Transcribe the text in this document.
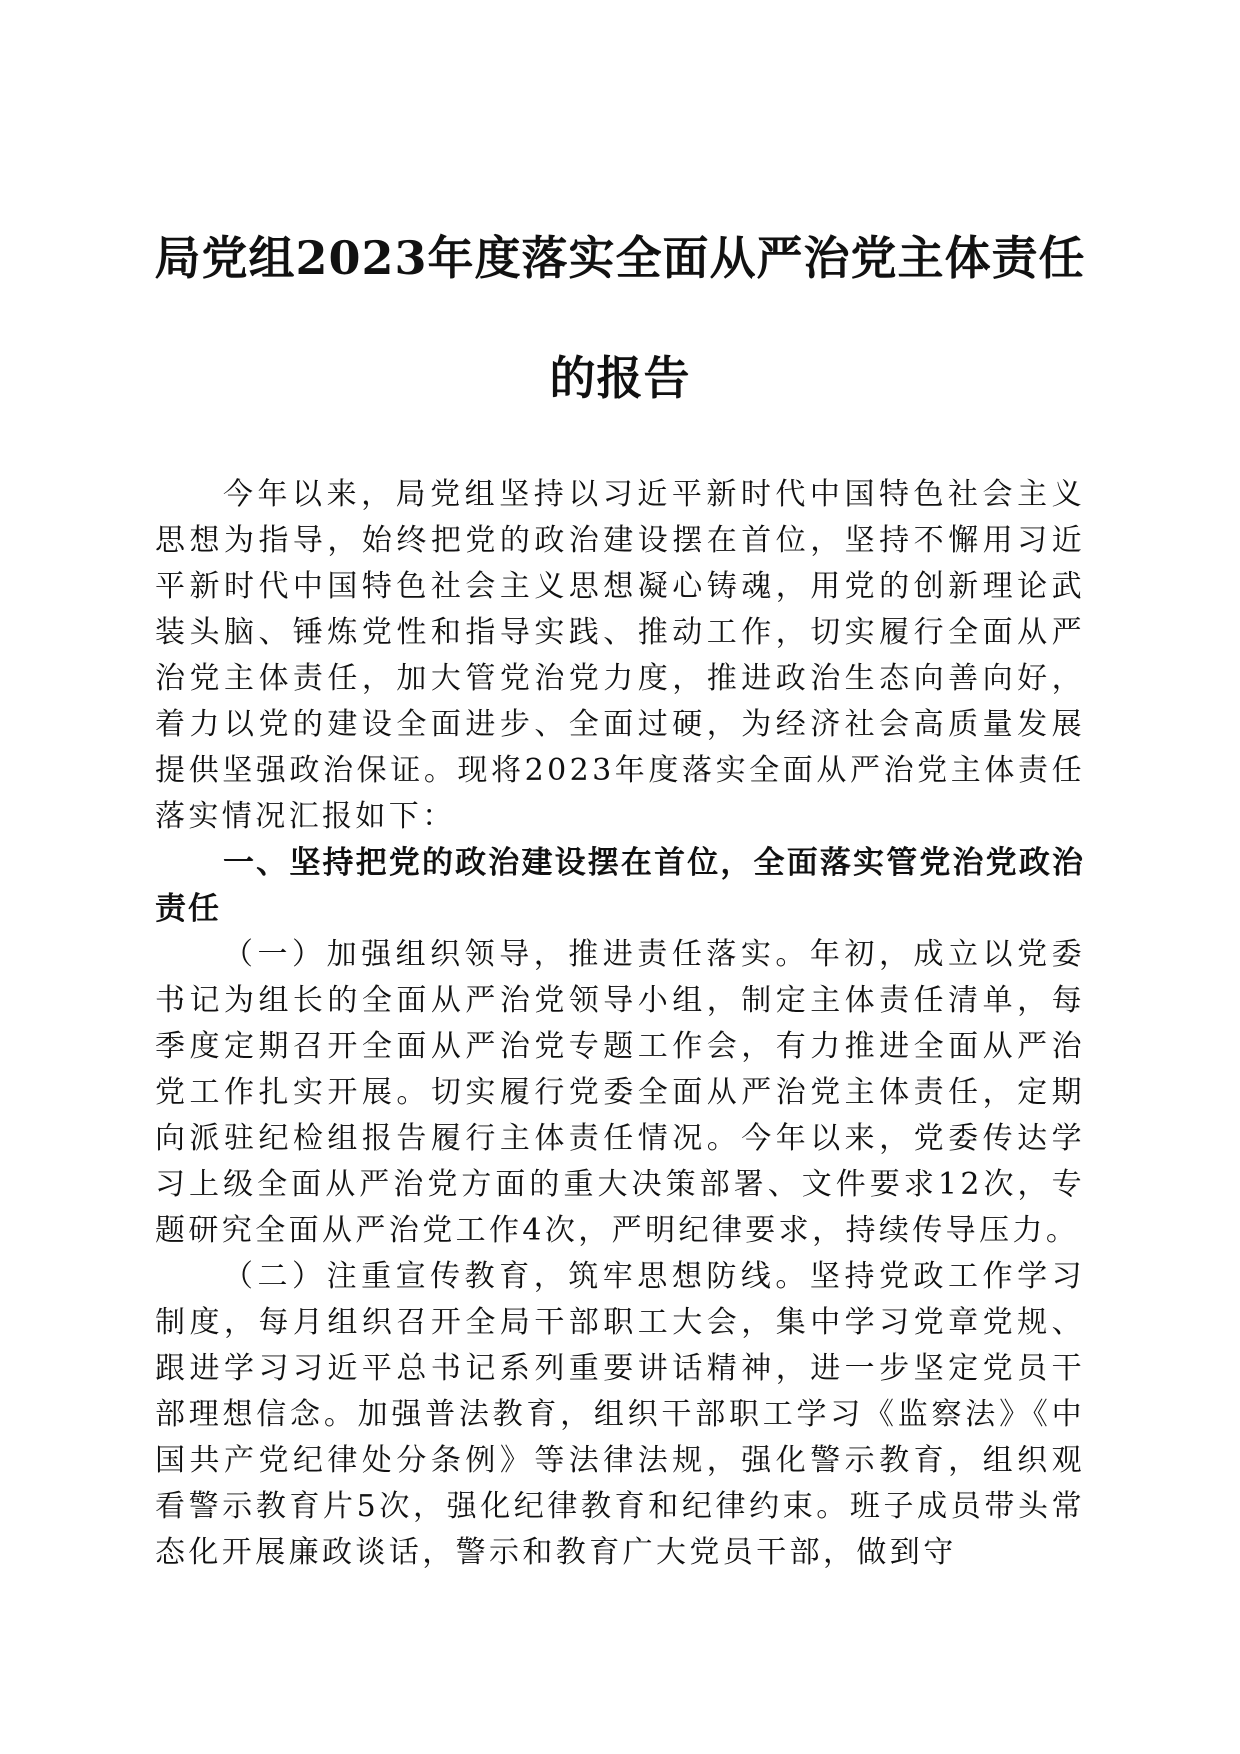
局党组2023年度落实全面从严治党主体责任
的报告

今年以来，局党组坚持以习近平新时代中国特色社会主义思想为指导，始终把党的政治建设摆在首位，坚持不懈用习近平新时代中国特色社会主义思想凝心铸魂，用党的创新理论武装头脑、锤炼党性和指导实践、推动工作，切实履行全面从严治党主体责任，加大管党治党力度，推进政治生态向善向好，着力以党的建设全面进步、全面过硬，为经济社会高质量发展提供坚强政治保证。现将2023年度落实全面从严治党主体责任落实情况汇报如下：

一、坚持把党的政治建设摆在首位，全面落实管党治党政治责任

（一）加强组织领导，推进责任落实。年初，成立以党委书记为组长的全面从严治党领导小组，制定主体责任清单，每季度定期召开全面从严治党专题工作会，有力推进全面从严治党工作扎实开展。切实履行党委全面从严治党主体责任，定期向派驻纪检组报告履行主体责任情况。今年以来，党委传达学习上级全面从严治党方面的重大决策部署、文件要求12次，专题研究全面从严治党工作4次，严明纪律要求，持续传导压力。

（二）注重宣传教育，筑牢思想防线。坚持党政工作学习制度，每月组织召开全局干部职工大会，集中学习党章党规、跟进学习习近平总书记系列重要讲话精神，进一步坚定党员干部理想信念。加强普法教育，组织干部职工学习《监察法》《中国共产党纪律处分条例》等法律法规，强化警示教育，组织观看警示教育片5次，强化纪律教育和纪律约束。班子成员带头常态化开展廉政谈话，警示和教育广大党员干部，做到守
